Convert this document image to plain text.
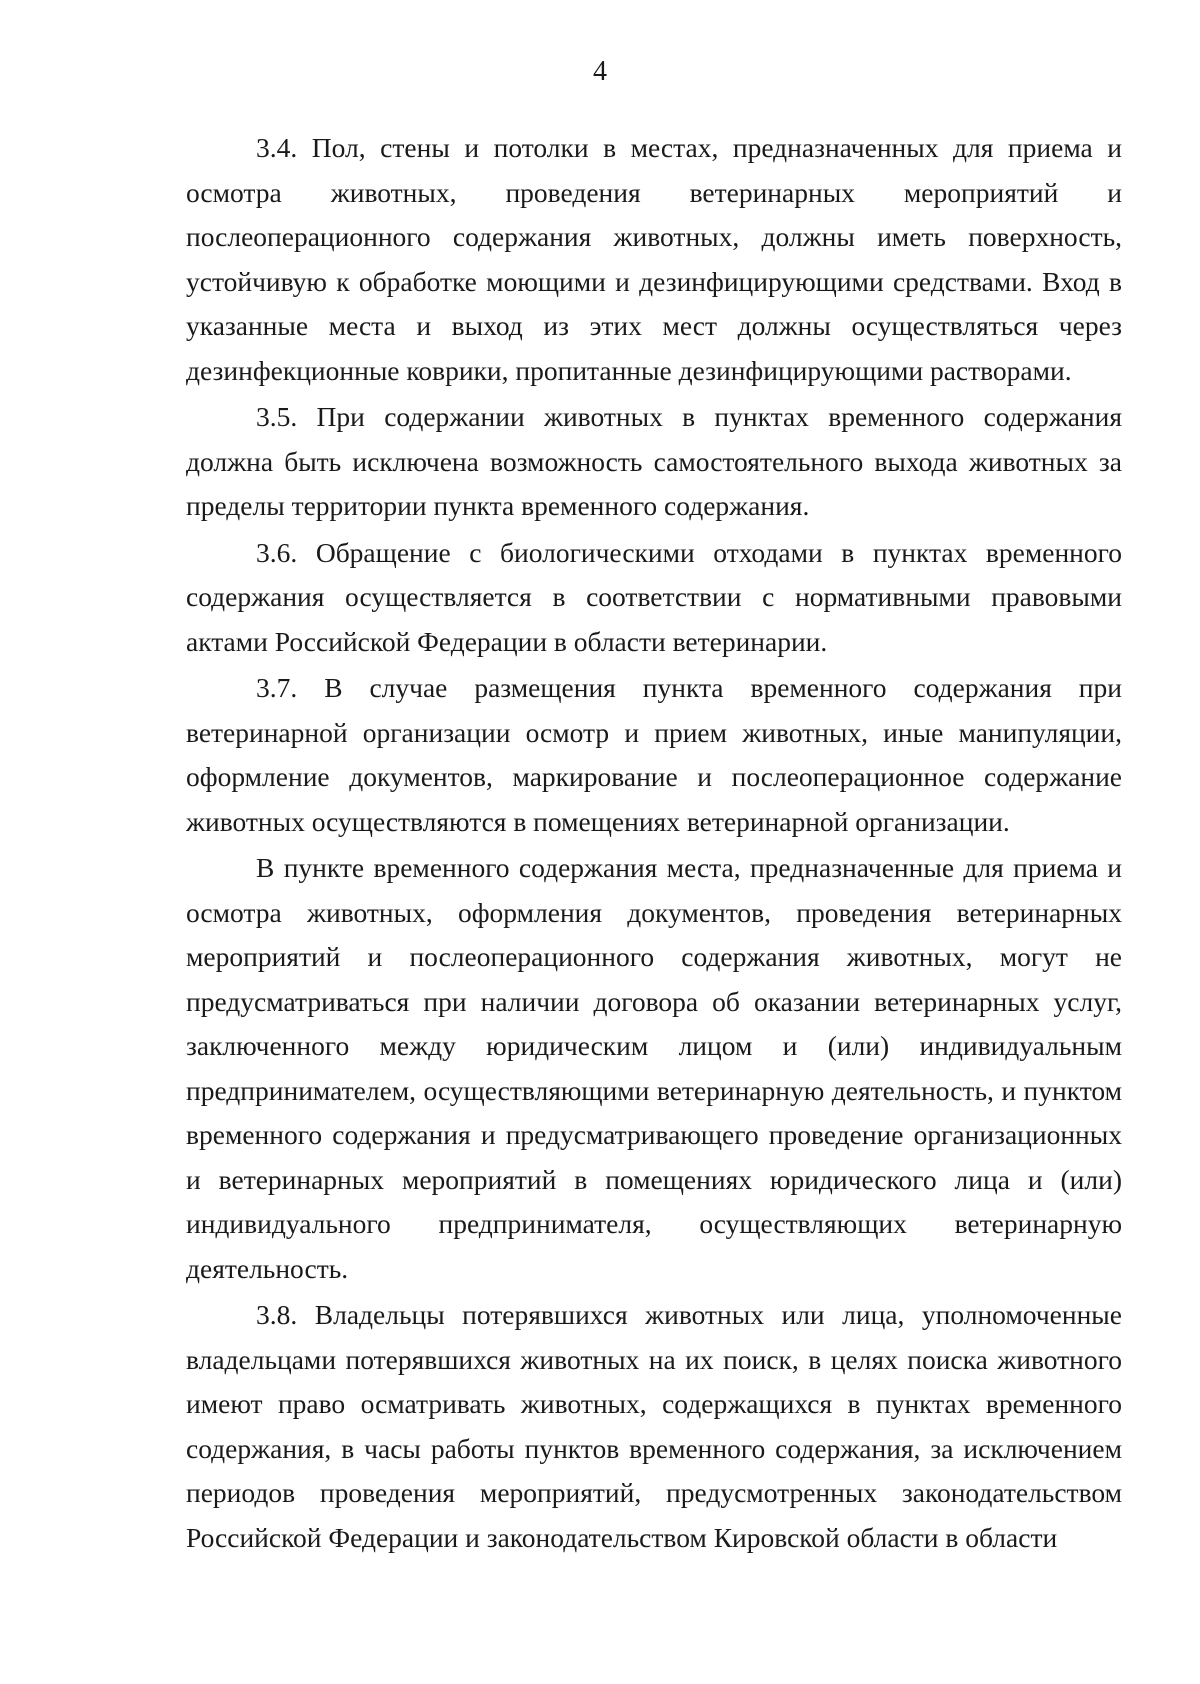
4

3.4. Пол, стены и потолки в местах, предназначенных для приема и осмотра животных, проведения ветеринарных мероприятий и послеоперационного содержания животных, должны иметь поверхность, устойчивую к обработке моющими и дезинфицирующими средствами. Вход в указанные места и выход из этих мест должны осуществляться через дезинфекционные коврики, пропитанные дезинфицирующими растворами.

3.5. При содержании животных в пунктах временного содержания должна быть исключена возможность самостоятельного выхода животных за пределы территории пункта временного содержания.

3.6. Обращение с биологическими отходами в пунктах временного содержания осуществляется в соответствии с нормативными правовыми актами Российской Федерации в области ветеринарии.

3.7. В случае размещения пункта временного содержания при ветеринарной организации осмотр и прием животных, иные манипуляции, оформление документов, маркирование и послеоперационное содержание животных осуществляются в помещениях ветеринарной организации.

В пункте временного содержания места, предназначенные для приема и осмотра животных, оформления документов, проведения ветеринарных мероприятий и послеоперационного содержания животных, могут не предусматриваться при наличии договора об оказании ветеринарных услуг, заключенного между юридическим лицом и (или) индивидуальным предпринимателем, осуществляющими ветеринарную деятельность, и пунктом временного содержания и предусматривающего проведение организационных и ветеринарных мероприятий в помещениях юридического лица и (или) индивидуального предпринимателя, осуществляющих ветеринарную деятельность.

3.8. Владельцы потерявшихся животных или лица, уполномоченные владельцами потерявшихся животных на их поиск, в целях поиска животного имеют право осматривать животных, содержащихся в пунктах временного содержания, в часы работы пунктов временного содержания, за исключением периодов проведения мероприятий, предусмотренных законодательством Российской Федерации и законодательством Кировской области в области
